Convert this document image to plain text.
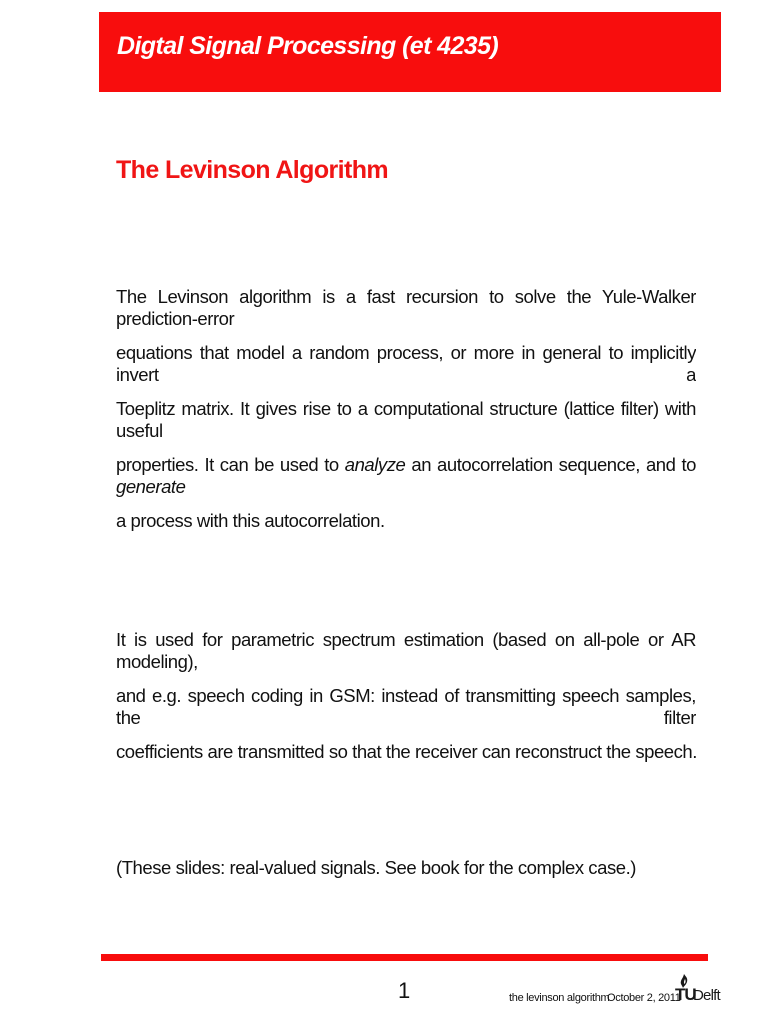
Digtal Signal Processing (et 4235)
The Levinson Algorithm
The Levinson algorithm is a fast recursion to solve the Yule-Walker prediction-error
equations that model a random process, or more in general to implicitly invert a
Toeplitz matrix. It gives rise to a computational structure (lattice filter) with useful
properties. It can be used to analyze an autocorrelation sequence, and to generate
a process with this autocorrelation.
It is used for parametric spectrum estimation (based on all-pole or AR modeling),
and e.g. speech coding in GSM: instead of transmitting speech samples, the filter
coefficients are transmitted so that the receiver can reconstruct the speech.
(These slides: real-valued signals. See book for the complex case.)
1	the levinson algorithm
October 2, 2011
TU
Delft
